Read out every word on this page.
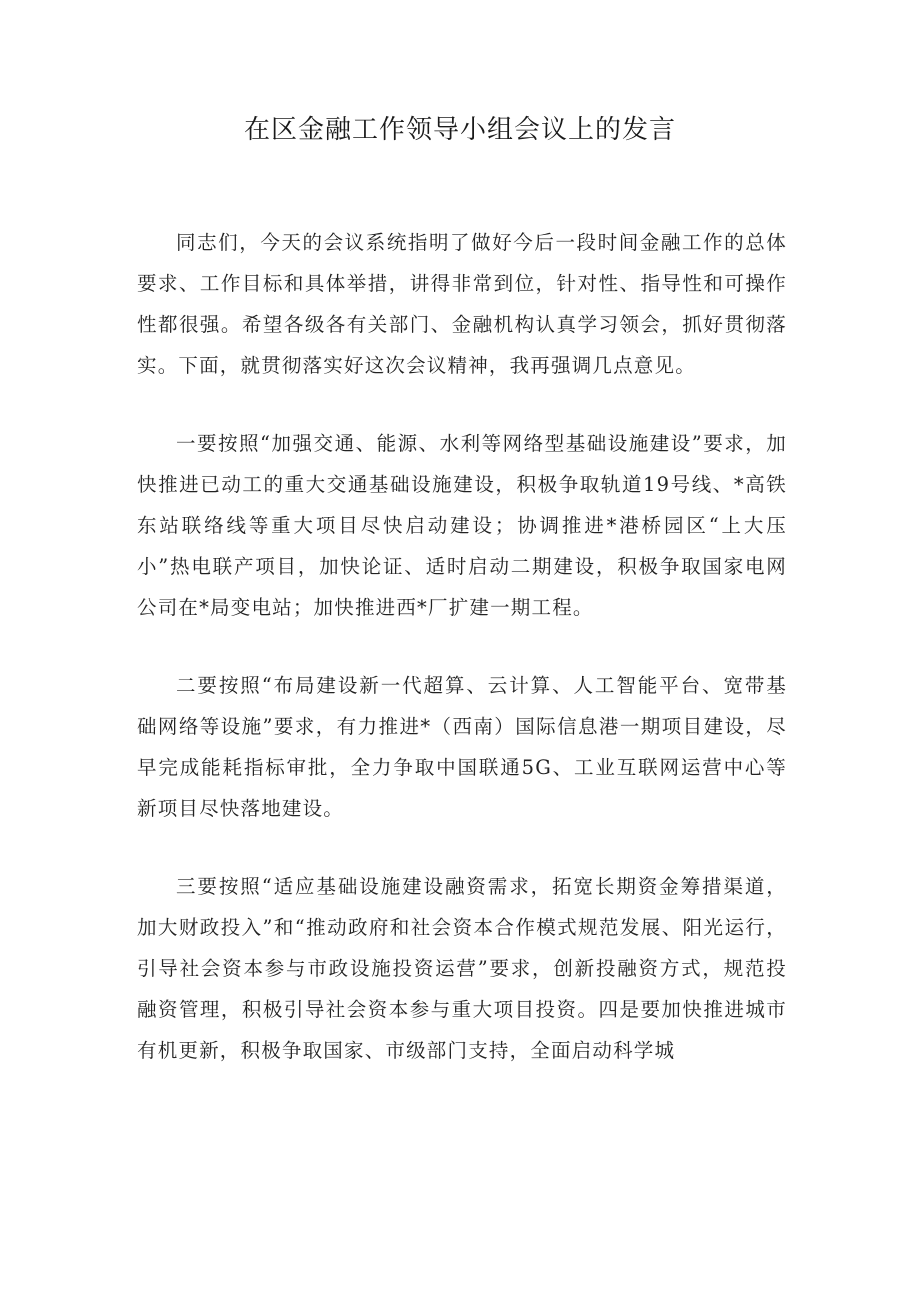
在区金融工作领导小组会议上的发言

同志们，今天的会议系统指明了做好今后一段时间金融工作的总体要求、工作目标和具体举措，讲得非常到位，针对性、指导性和可操作性都很强。希望各级各有关部门、金融机构认真学习领会，抓好贯彻落实。下面，就贯彻落实好这次会议精神，我再强调几点意见。

一要按照“加强交通、能源、水利等网络型基础设施建设”要求，加快推进已动工的重大交通基础设施建设，积极争取轨道19号线、*高铁东站联络线等重大项目尽快启动建设；协调推进*港桥园区“上大压小”热电联产项目，加快论证、适时启动二期建设，积极争取国家电网公司在*局变电站；加快推进西*厂扩建一期工程。

二要按照“布局建设新一代超算、云计算、人工智能平台、宽带基础网络等设施”要求，有力推进*（西南）国际信息港一期项目建设，尽早完成能耗指标审批，全力争取中国联通5G、工业互联网运营中心等新项目尽快落地建设。

三要按照“适应基础设施建设融资需求，拓宽长期资金筹措渠道，加大财政投入”和“推动政府和社会资本合作模式规范发展、阳光运行，引导社会资本参与市政设施投资运营”要求，创新投融资方式，规范投融资管理，积极引导社会资本参与重大项目投资。四是要加快推进城市有机更新，积极争取国家、市级部门支持，全面启动科学城
